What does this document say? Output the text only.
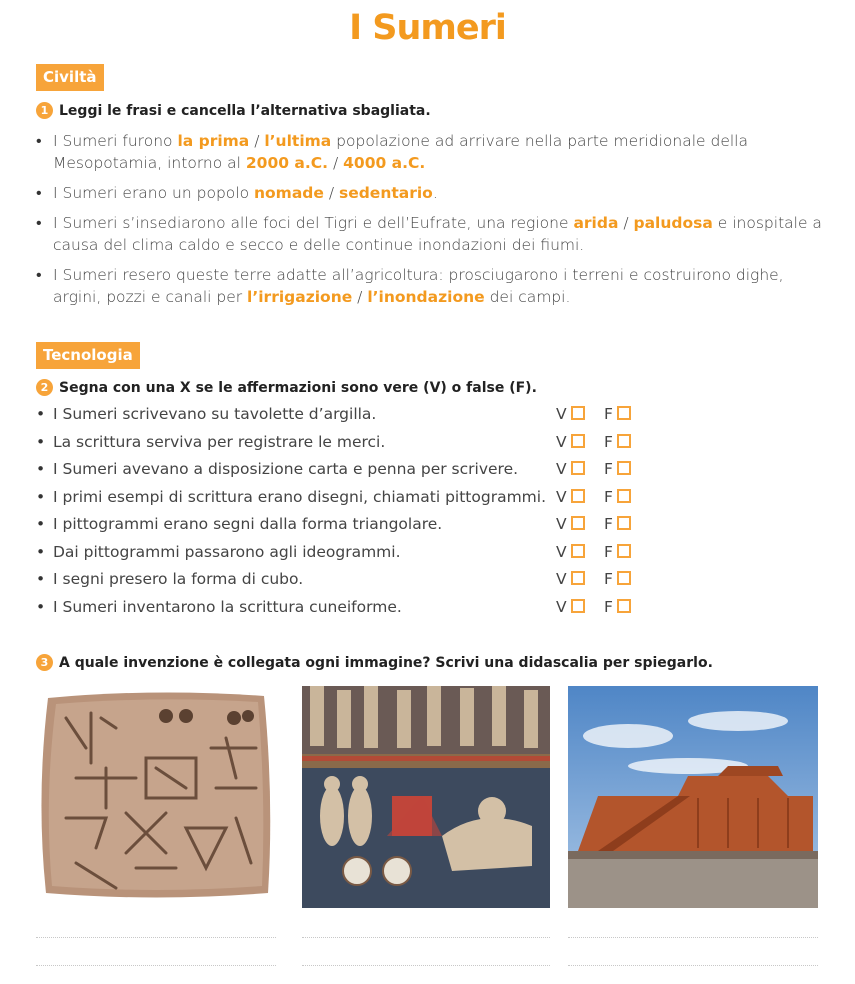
I Sumeri
Civiltà
1 Leggi le frasi e cancella l’alternativa sbagliata.
• I Sumeri furono la prima / l’ultima popolazione ad arrivare nella parte meridionale della Mesopotamia, intorno al 2000 a.C. / 4000 a.C.
• I Sumeri erano un popolo nomade / sedentario.
• I Sumeri s’insediarono alle foci del Tigri e dell’Eufrate, una regione arida / paludosa e inospitale a causa del clima caldo e secco e delle continue inondazioni dei fiumi.
• I Sumeri resero queste terre adatte all’agricoltura: prosciugarono i terreni e costruirono dighe, argini, pozzi e canali per l’irrigazione / l’inondazione dei campi.
Tecnologia
2 Segna con una X se le affermazioni sono vere (V) o false (F).
• I Sumeri scrivevano su tavolette d’argilla.	V	F
• La scrittura serviva per registrare le merci.	V	F
• I Sumeri avevano a disposizione carta e penna per scrivere. V	F
• I primi esempi di scrittura erano disegni, chiamati pittogrammi. V	F
• I pittogrammi erano segni dalla forma triangolare.	V	F
• Dai pittogrammi passarono agli ideogrammi.	V	F
• I segni presero la forma di cubo.	V	F
• I Sumeri inventarono la scrittura cuneiforme.	V	F
3 A quale invenzione è collegata ogni immagine? Scrivi una didascalia per spiegarlo.
